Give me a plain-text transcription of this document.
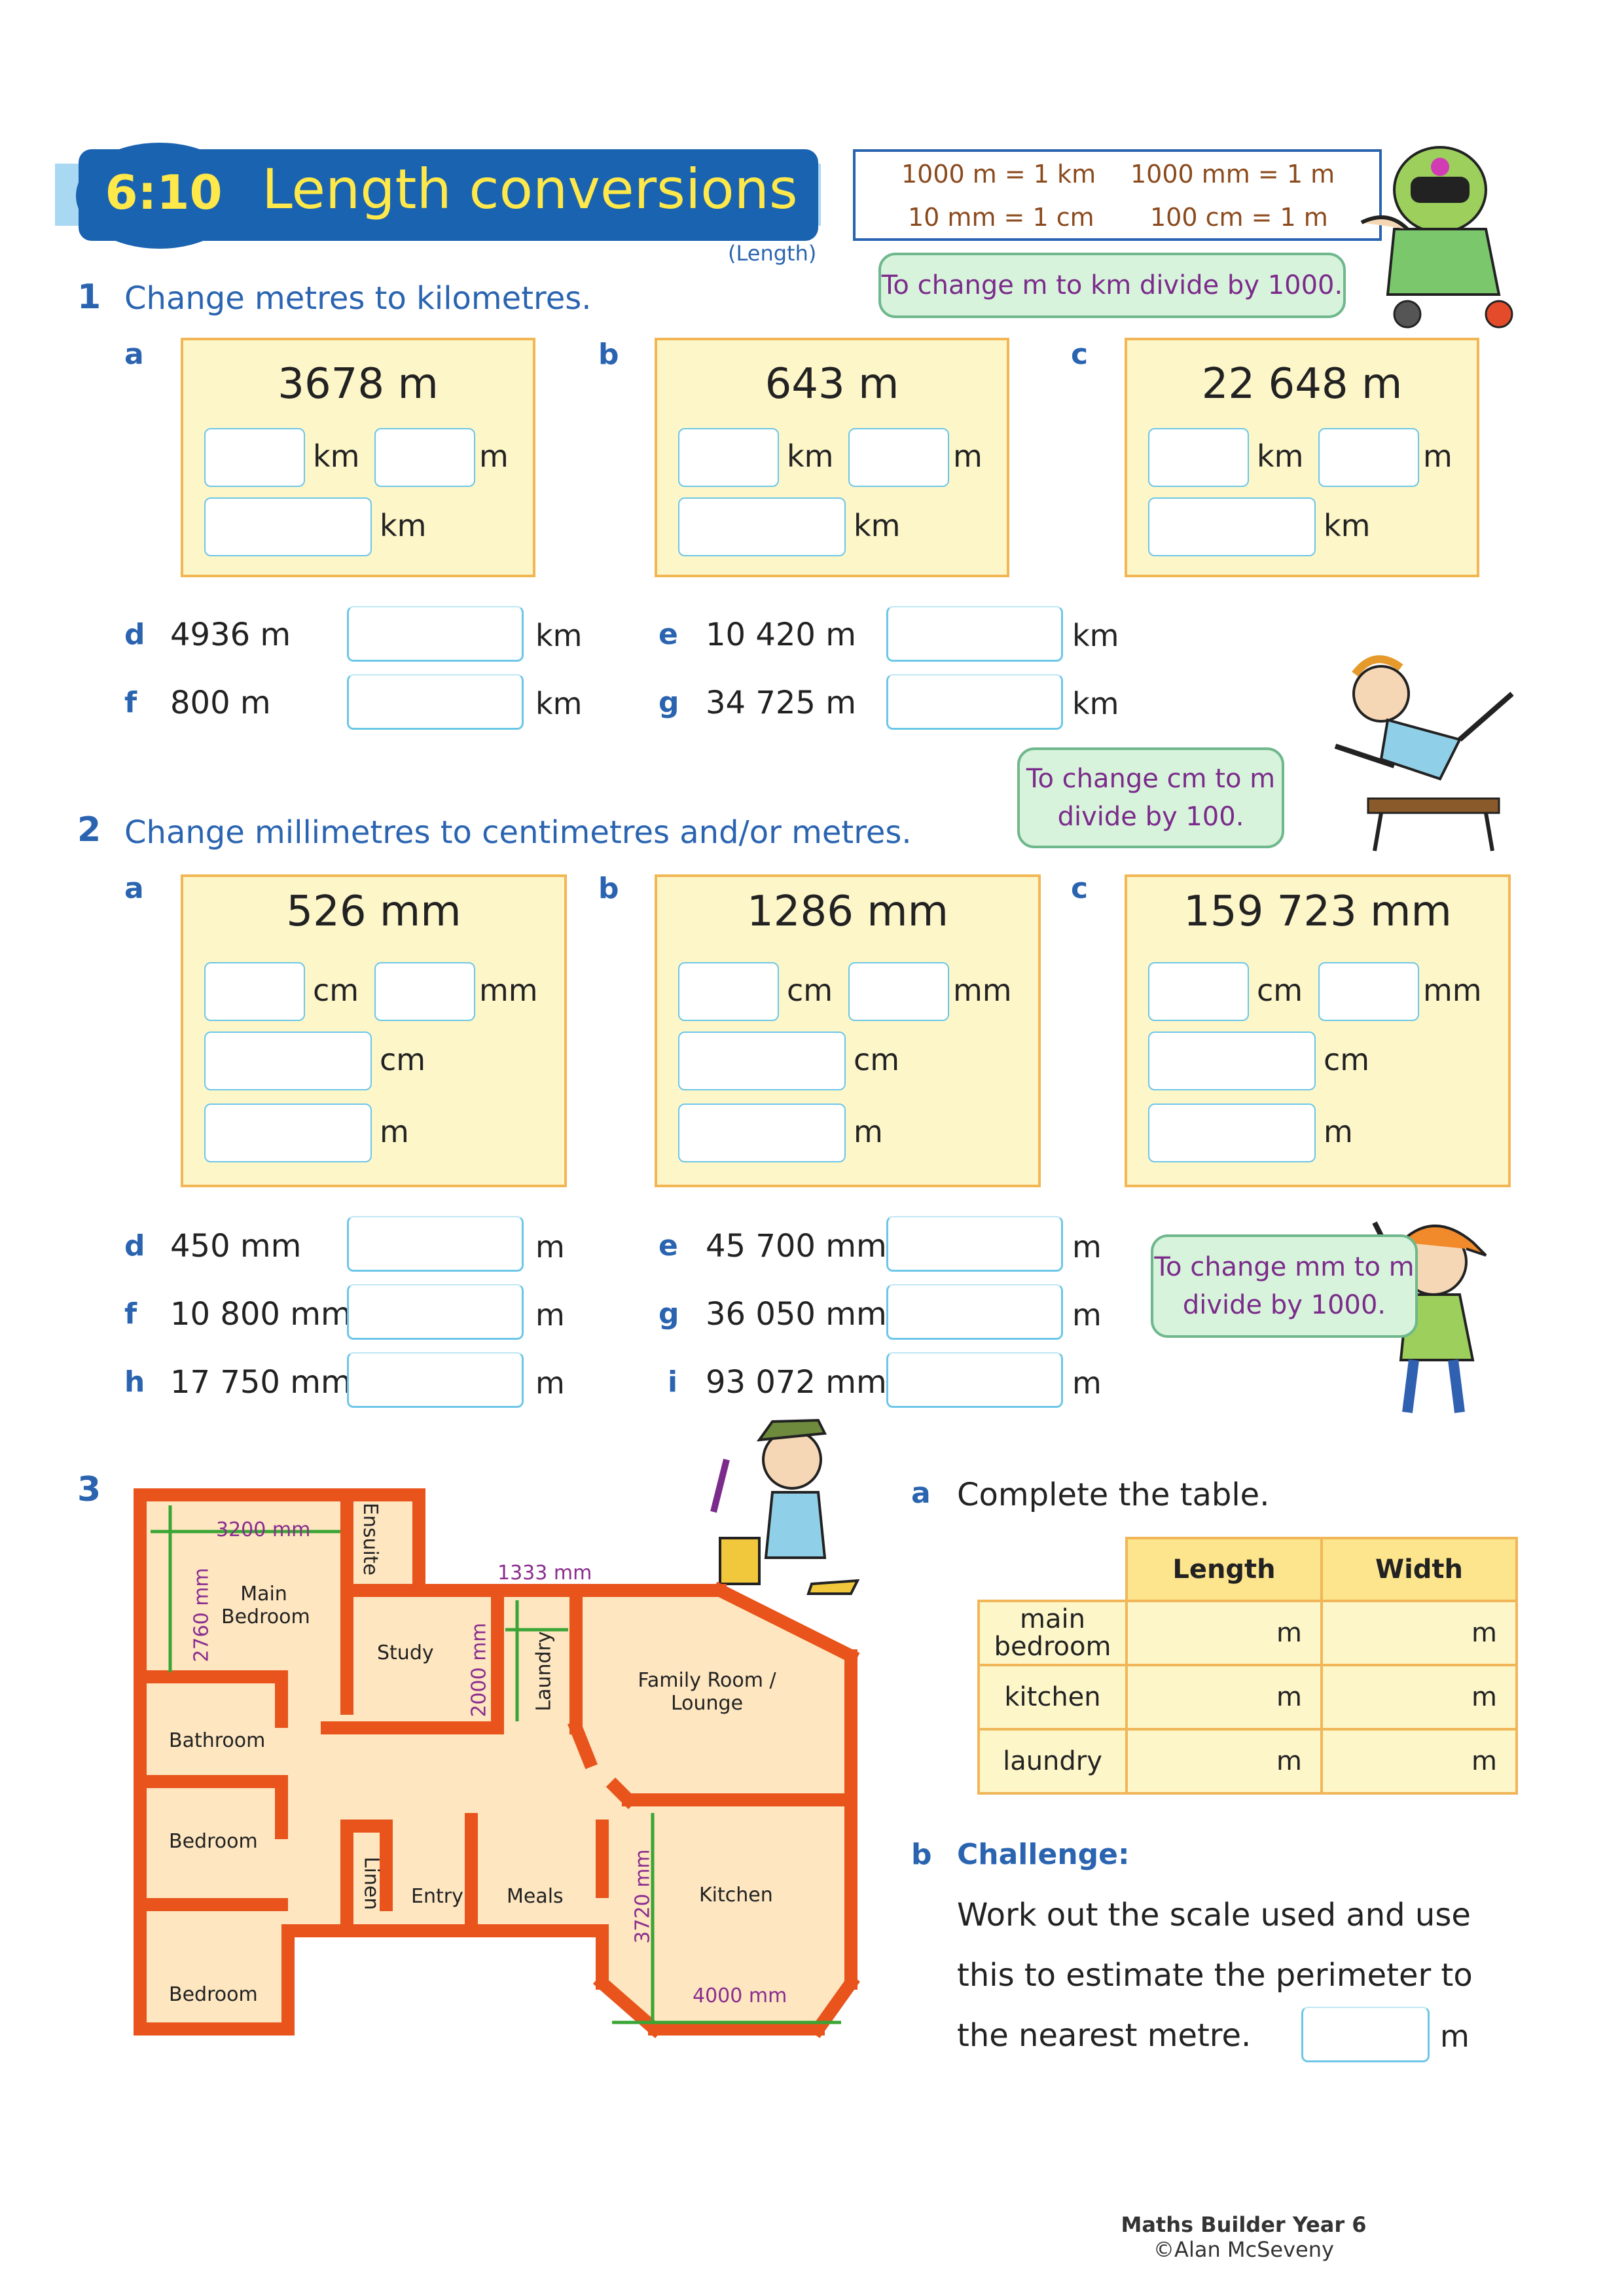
6:10 Length conversions
(Length)
1000 m = 1 km 1000 mm = 1 m
10 mm = 1 cm 100 cm = 1 m
To change m to km divide by 1000.
1 Change metres to kilometres.
a
3678 m
km	m
km
b
643 m
km	m
km
c
22 648 m
km	m
km
d 4936 m	km	e 10 420 m	km
f 800 m	km	g 34 725 m	km
To change cm to m divide by 100.
2 Change millimetres to centimetres and/or metres.
a	526 mm
cm	mm
cm
m
b	1286 mm
cm	mm
cm
m
c	159 723 mm
cm	mm
cm
m
d 450 mm	m	e 45 700 mm	m
f 10 800 mm	m	g 36 050 mm	m
h 17 750 mm	m	i 93 072 mm	m
To change mm to m divide by 1000.
3
3200 mm
2760 mm	1333 mm
2000 mm
3720 mm
4000 mm
Ensuite
Main Bedroom
Study	Laundry	Family Room / Lounge
Bathroom
Bedroom
Bedroom
Linen Entry Meals	Kitchen
a Complete the table.
	Length	Width
main bedroom	m	m
kitchen	m	m
laundry	m	m
b Challenge:
Work out the scale used and use
this to estimate the perimeter to
the nearest metre.	m
Maths Builder Year 6
©Alan McSeveny
